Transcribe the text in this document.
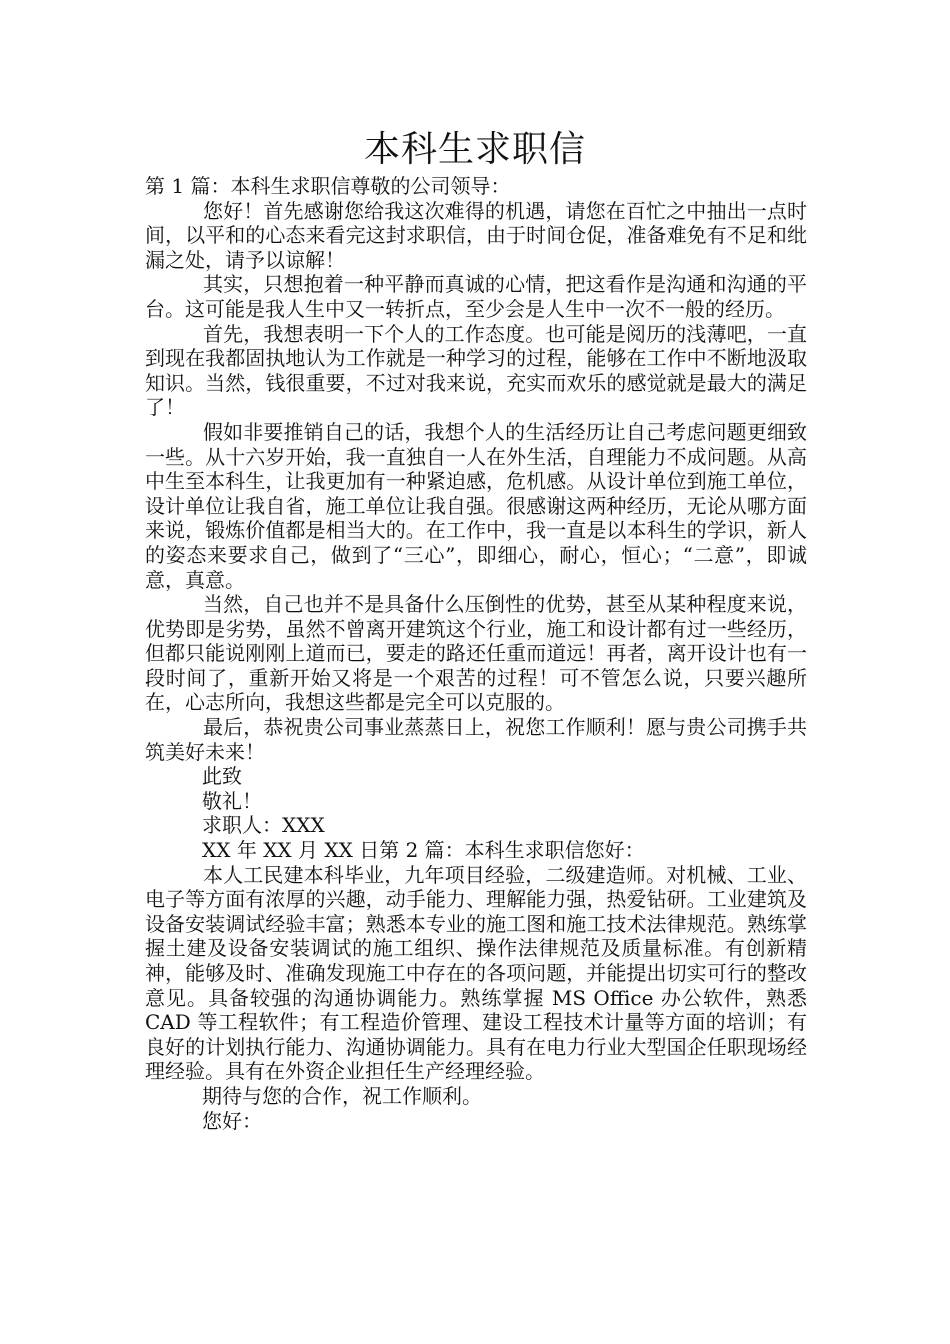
本科生求职信

第 1 篇：本科生求职信尊敬的公司领导：

您好！首先感谢您给我这次难得的机遇，请您在百忙之中抽出一点时间，以平和的心态来看完这封求职信，由于时间仓促，准备难免有不足和纰漏之处，请予以谅解！

其实，只想抱着一种平静而真诚的心情，把这看作是沟通和沟通的平台。这可能是我人生中又一转折点，至少会是人生中一次不一般的经历。

首先，我想表明一下个人的工作态度。也可能是阅历的浅薄吧，一直到现在我都固执地认为工作就是一种学习的过程，能够在工作中不断地汲取知识。当然，钱很重要，不过对我来说，充实而欢乐的感觉就是最大的满足了！

假如非要推销自己的话，我想个人的生活经历让自己考虑问题更细致一些。从十六岁开始，我一直独自一人在外生活，自理能力不成问题。从高中生至本科生，让我更加有一种紧迫感，危机感。从设计单位到施工单位，设计单位让我自省，施工单位让我自强。很感谢这两种经历，无论从哪方面来说，锻炼价值都是相当大的。在工作中，我一直是以本科生的学识，新人的姿态来要求自己，做到了“三心”，即细心，耐心，恒心；“二意”，即诚意，真意。

当然，自己也并不是具备什么压倒性的优势，甚至从某种程度来说，优势即是劣势，虽然不曾离开建筑这个行业，施工和设计都有过一些经历，但都只能说刚刚上道而已，要走的路还任重而道远！再者，离开设计也有一段时间了，重新开始又将是一个艰苦的过程！可不管怎么说，只要兴趣所在，心志所向，我想这些都是完全可以克服的。

最后，恭祝贵公司事业蒸蒸日上，祝您工作顺利！愿与贵公司携手共筑美好未来！

此致

敬礼！

求职人：XXX

XX 年 XX 月 XX 日第 2 篇：本科生求职信您好：

本人工民建本科毕业，九年项目经验，二级建造师。对机械、工业、电子等方面有浓厚的兴趣，动手能力、理解能力强，热爱钻研。工业建筑及设备安装调试经验丰富；熟悉本专业的施工图和施工技术法律规范。熟练掌握土建及设备安装调试的施工组织、操作法律规范及质量标准。有创新精神，能够及时、准确发现施工中存在的各项问题，并能提出切实可行的整改意见。具备较强的沟通协调能力。熟练掌握 MS Office 办公软件，熟悉 CAD 等工程软件；有工程造价管理、建设工程技术计量等方面的培训；有良好的计划执行能力、沟通协调能力。具有在电力行业大型国企任职现场经理经验。具有在外资企业担任生产经理经验。

期待与您的合作，祝工作顺利。

您好：
